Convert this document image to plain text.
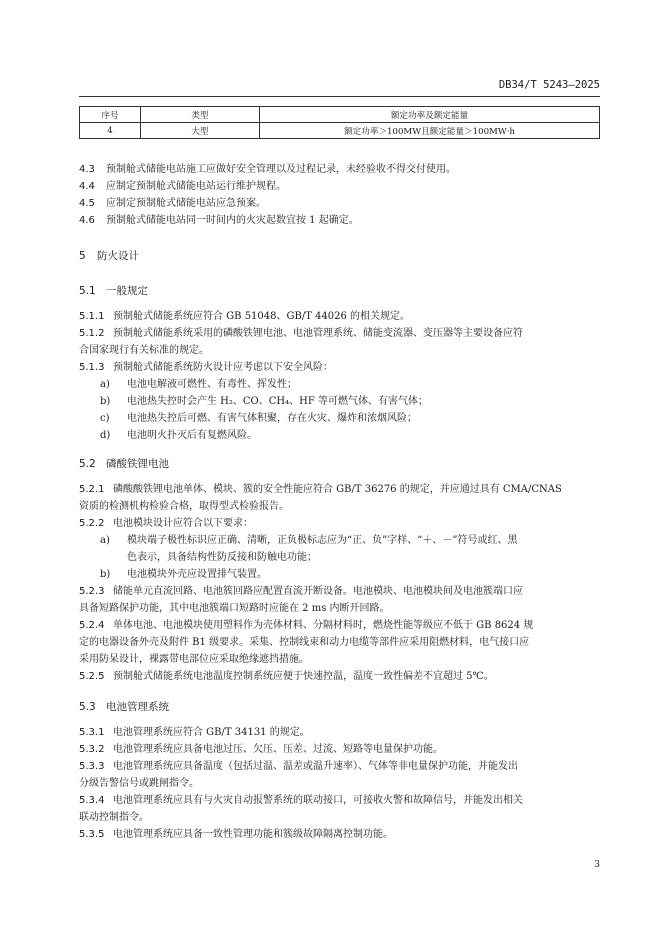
DB34/T 5243—2025
序号	类型	额定功率及额定能量
4	大型	额定功率＞100MW且额定能量＞100MW·h
4.3 预制舱式储能电站施工应做好安全管理以及过程记录，未经验收不得交付使用。
4.4 应制定预制舱式储能电站运行维护规程。
4.5 应制定预制舱式储能电站应急预案。
4.6 预制舱式储能电站同一时间内的火灾起数宜按 1 起确定。
5 防火设计
5.1 一般规定
5.1.1 预制舱式储能系统应符合 GB 51048、GB/T 44026 的相关规定。
5.1.2 预制舱式储能系统采用的磷酸铁锂电池、电池管理系统、储能变流器、变压器等主要设备应符
合国家现行有关标准的规定。
5.1.3 预制舱式储能系统防火设计应考虑以下安全风险：
a) 电池电解液可燃性、有毒性、挥发性；
b) 电池热失控时会产生 H₂、CO、CH₄、HF 等可燃气体、有害气体；
c) 电池热失控后可燃、有害气体积聚，存在火灾、爆炸和浓烟风险；
d) 电池明火扑灭后有复燃风险。
5.2 磷酸铁锂电池
5.2.1 磷酸酸铁锂电池单体、模块、簇的安全性能应符合 GB/T 36276 的规定，并应通过具有 CMA/CNAS
资质的检测机构检验合格，取得型式检验报告。
5.2.2 电池模块设计应符合以下要求：
a) 模块端子极性标识应正确、清晰，正负极标志应为“正、负”字样、“＋、－”符号或红、黑
色表示，具备结构性防反接和防触电功能；
b) 电池模块外壳应设置排气装置。
5.2.3 储能单元直流回路、电池簇回路应配置直流开断设备。电池模块、电池模块间及电池簇端口应
具备短路保护功能，其中电池簇端口短路时应能在 2 ms 内断开回路。
5.2.4 单体电池、电池模块使用塑料作为壳体材料、分隔材料时，燃烧性能等级应不低于 GB 8624 规
定的电器设备外壳及附件 B1 级要求。采集、控制线束和动力电缆等部件应采用阻燃材料，电气接口应
采用防呆设计，裸露带电部位应采取绝缘遮挡措施。
5.2.5 预制舱式储能系统电池温度控制系统应便于快速控温，温度一致性偏差不宜超过 5℃。
5.3 电池管理系统
5.3.1 电池管理系统应符合 GB/T 34131 的规定。
5.3.2 电池管理系统应具备电池过压、欠压、压差、过流、短路等电量保护功能。
5.3.3 电池管理系统应具备温度（包括过温、温差或温升速率）、气体等非电量保护功能，并能发出
分级告警信号或跳闸指令。
5.3.4 电池管理系统应具有与火灾自动报警系统的联动接口，可接收火警和故障信号，并能发出相关
联动控制指令。
5.3.5 电池管理系统应具备一致性管理功能和簇级故障隔离控制功能。
3
